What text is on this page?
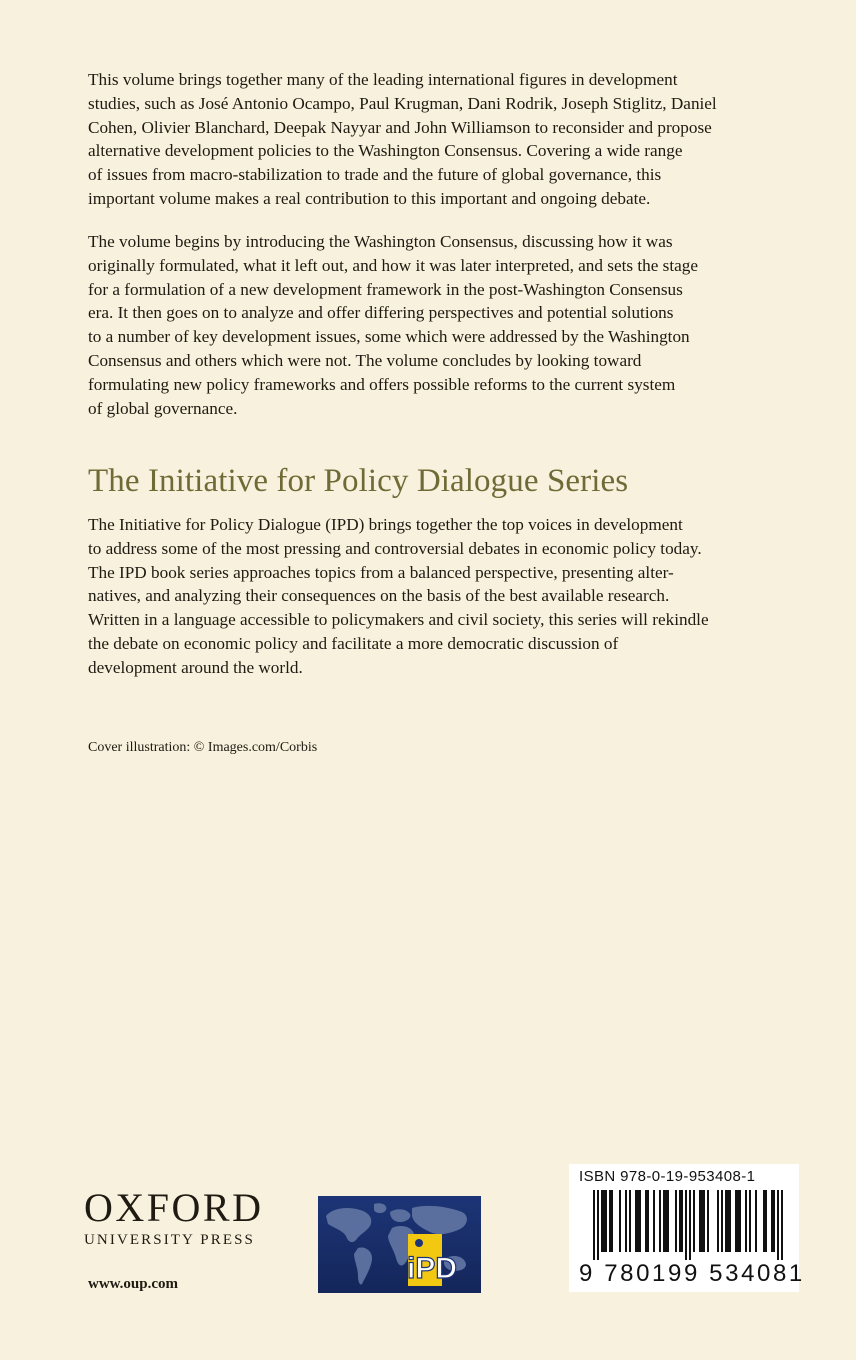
This volume brings together many of the leading international figures in development
studies, such as José Antonio Ocampo, Paul Krugman, Dani Rodrik, Joseph Stiglitz, Daniel
Cohen, Olivier Blanchard, Deepak Nayyar and John Williamson to reconsider and propose
alternative development policies to the Washington Consensus. Covering a wide range
of issues from macro-stabilization to trade and the future of global governance, this
important volume makes a real contribution to this important and ongoing debate.

The volume begins by introducing the Washington Consensus, discussing how it was
originally formulated, what it left out, and how it was later interpreted, and sets the stage
for a formulation of a new development framework in the post-Washington Consensus
era. It then goes on to analyze and offer differing perspectives and potential solutions
to a number of key development issues, some which were addressed by the Washington
Consensus and others which were not. The volume concludes by looking toward
formulating new policy frameworks and offers possible reforms to the current system
of global governance.

The Initiative for Policy Dialogue Series

The Initiative for Policy Dialogue (IPD) brings together the top voices in development
to address some of the most pressing and controversial debates in economic policy today.
The IPD book series approaches topics from a balanced perspective, presenting alter-
natives, and analyzing their consequences on the basis of the best available research.
Written in a language accessible to policymakers and civil society, this series will rekindle
the debate on economic policy and facilitate a more democratic discussion of
development around the world.

Cover illustration: © Images.com/Corbis

OXFORD
UNIVERSITY PRESS

www.oup.com	iPD

ISBN 978-0-19-953408-1

9 780199 534081
